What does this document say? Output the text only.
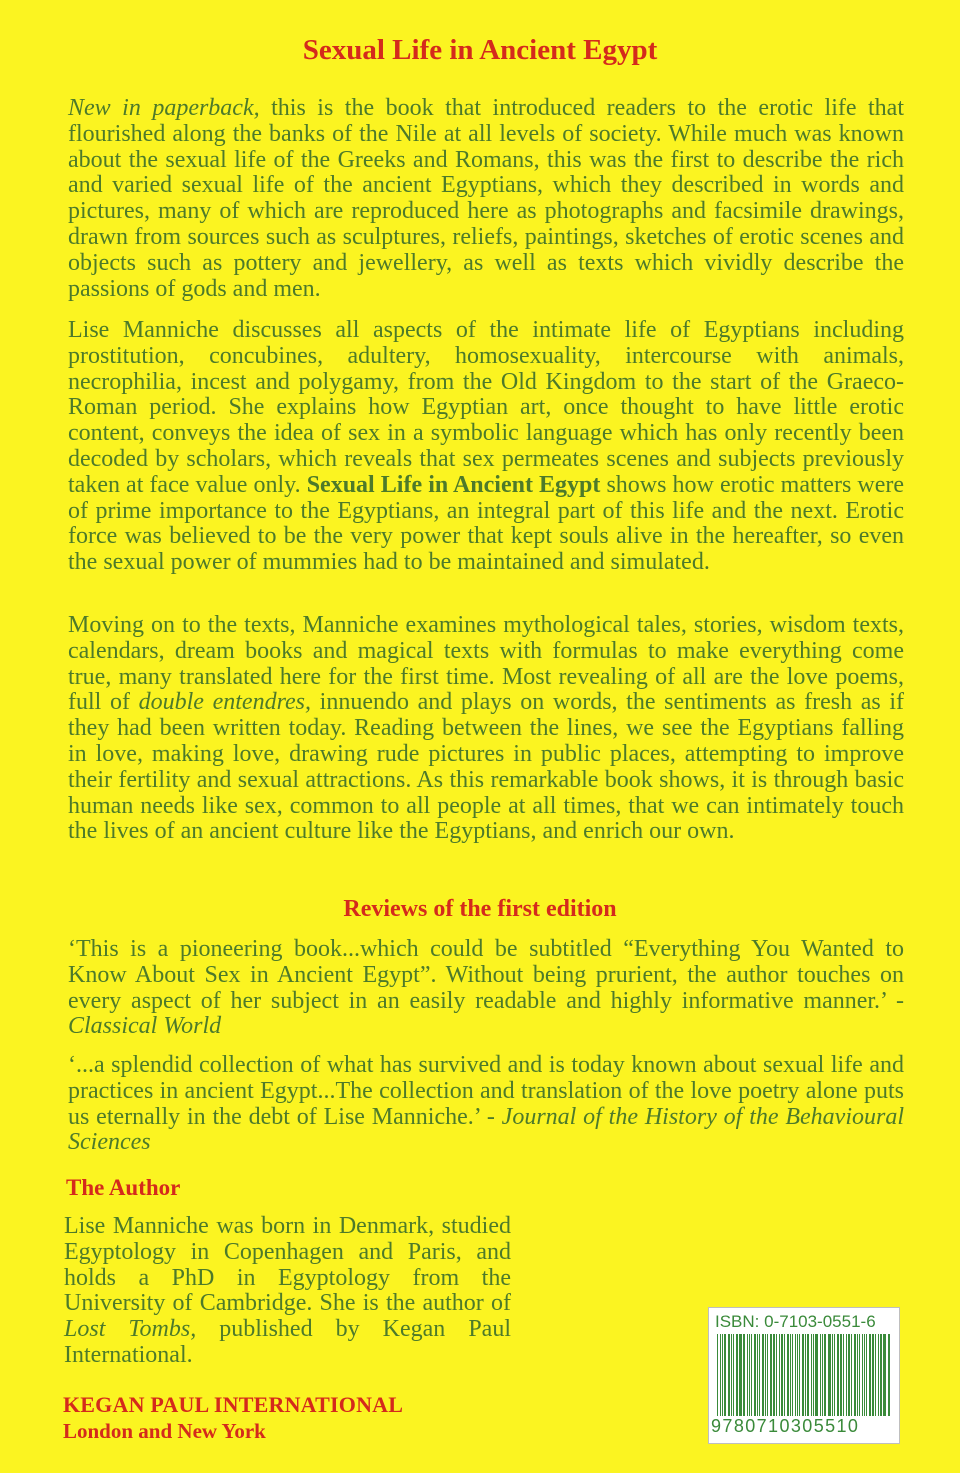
Sexual Life in Ancient Egypt

New in paperback, this is the book that introduced readers to the erotic life that flourished along the banks of the Nile at all levels of society. While much was known about the sexual life of the Greeks and Romans, this was the first to describe the rich and varied sexual life of the ancient Egyptians, which they described in words and pictures, many of which are reproduced here as photographs and facsimile drawings, drawn from sources such as sculptures, reliefs, paintings, sketches of erotic scenes and objects such as pottery and jewellery, as well as texts which vividly describe the passions of gods and men.

Lise Manniche discusses all aspects of the intimate life of Egyptians including prostitution, concubines, adultery, homosexuality, intercourse with animals, necrophilia, incest and polygamy, from the Old Kingdom to the start of the Graeco-Roman period. She explains how Egyptian art, once thought to have little erotic content, conveys the idea of sex in a symbolic language which has only recently been decoded by scholars, which reveals that sex permeates scenes and subjects previously taken at face value only. Sexual Life in Ancient Egypt shows how erotic matters were of prime importance to the Egyptians, an integral part of this life and the next. Erotic force was believed to be the very power that kept souls alive in the hereafter, so even the sexual power of mummies had to be maintained and simulated.

Moving on to the texts, Manniche examines mythological tales, stories, wisdom texts, calendars, dream books and magical texts with formulas to make everything come true, many translated here for the first time. Most revealing of all are the love poems, full of double entendres, innuendo and plays on words, the sentiments as fresh as if they had been written today. Reading between the lines, we see the Egyptians falling in love, making love, drawing rude pictures in public places, attempting to improve their fertility and sexual attractions. As this remarkable book shows, it is through basic human needs like sex, common to all people at all times, that we can intimately touch the lives of an ancient culture like the Egyptians, and enrich our own.

Reviews of the first edition

‘This is a pioneering book...which could be subtitled “Everything You Wanted to Know About Sex in Ancient Egypt”. Without being prurient, the author touches on every aspect of her subject in an easily readable and highly informative manner.’ - Classical World

‘...a splendid collection of what has survived and is today known about sexual life and practices in ancient Egypt...The collection and translation of the love poetry alone puts us eternally in the debt of Lise Manniche.’ - Journal of the History of the Behavioural Sciences

The Author

Lise Manniche was born in Denmark, studied Egyptology in Copenhagen and Paris, and holds a PhD in Egyptology from the University of Cambridge. She is the author of Lost Tombs, published by Kegan Paul International.

KEGAN PAUL INTERNATIONAL
London and New York
ISBN: 0-7103-0551-6
9780710305510
